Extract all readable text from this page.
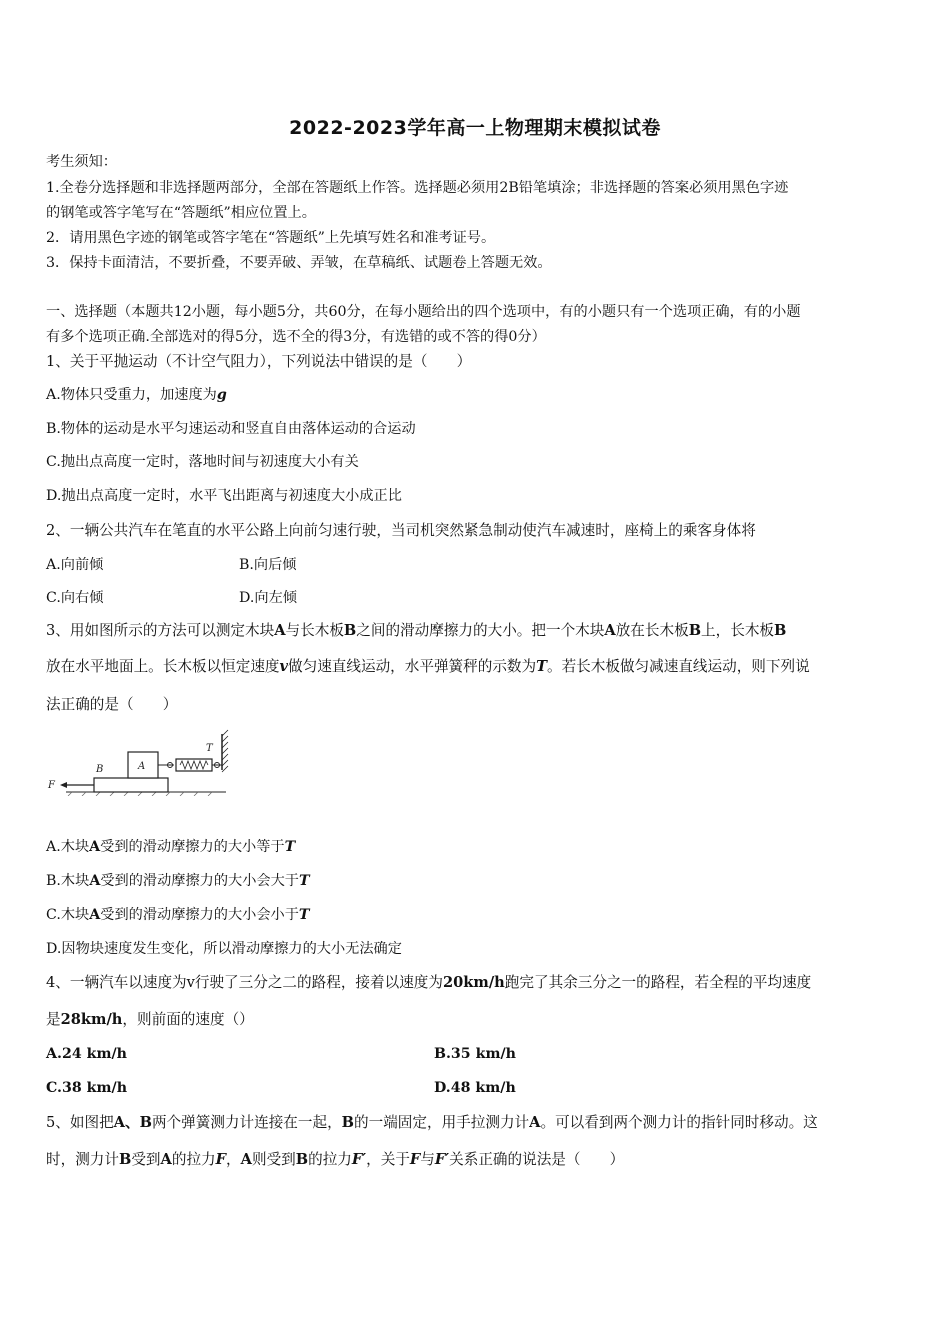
2022-2023学年高一上物理期末模拟试卷
考生须知：
1.全卷分选择题和非选择题两部分，全部在答题纸上作答。选择题必须用2B铅笔填涂；非选择题的答案必须用黑色字迹
的钢笔或答字笔写在“答题纸”相应位置上。
2．请用黑色字迹的钢笔或答字笔在“答题纸”上先填写姓名和准考证号。
3．保持卡面清洁，不要折叠，不要弄破、弄皱，在草稿纸、试题卷上答题无效。
一、选择题（本题共12小题，每小题5分，共60分，在每小题给出的四个选项中，有的小题只有一个选项正确，有的小题
有多个选项正确.全部选对的得5分，选不全的得3分，有选错的或不答的得0分）
1、关于平抛运动（不计空气阻力），下列说法中错误的是（　　）
A.物体只受重力，加速度为g
B.物体的运动是水平匀速运动和竖直自由落体运动的合运动
C.抛出点高度一定时，落地时间与初速度大小有关
D.抛出点高度一定时，水平飞出距离与初速度大小成正比
2、一辆公共汽车在笔直的水平公路上向前匀速行驶，当司机突然紧急制动使汽车减速时，座椅上的乘客身体将
A.向前倾	B.向后倾
C.向右倾	D.向左倾
3、用如图所示的方法可以测定木块A与长木板B之间的滑动摩擦力的大小。把一个木块A放在长木板B上，长木板B
放在水平地面上。长木板以恒定速度v做匀速直线运动，水平弹簧秤的示数为T。若长木板做匀减速直线运动，则下列说
法正确的是（　　）
B	A
T
F
A.木块A受到的滑动摩擦力的大小等于T
B.木块A受到的滑动摩擦力的大小会大于T
C.木块A受到的滑动摩擦力的大小会小于T
D.因物块速度发生变化，所以滑动摩擦力的大小无法确定
4、一辆汽车以速度为v行驶了三分之二的路程，接着以速度为20km/h跑完了其余三分之一的路程，若全程的平均速度
是28km/h，则前面的速度（）
A.24 km/h	B.35 km/h
C.38 km/h	D.48 km/h
5、如图把A、B两个弹簧测力计连接在一起，B的一端固定，用手拉测力计A。可以看到两个测力计的指针同时移动。这
时，测力计B受到A的拉力F，A则受到B的拉力F′，关于F与F′关系正确的说法是（　　）
